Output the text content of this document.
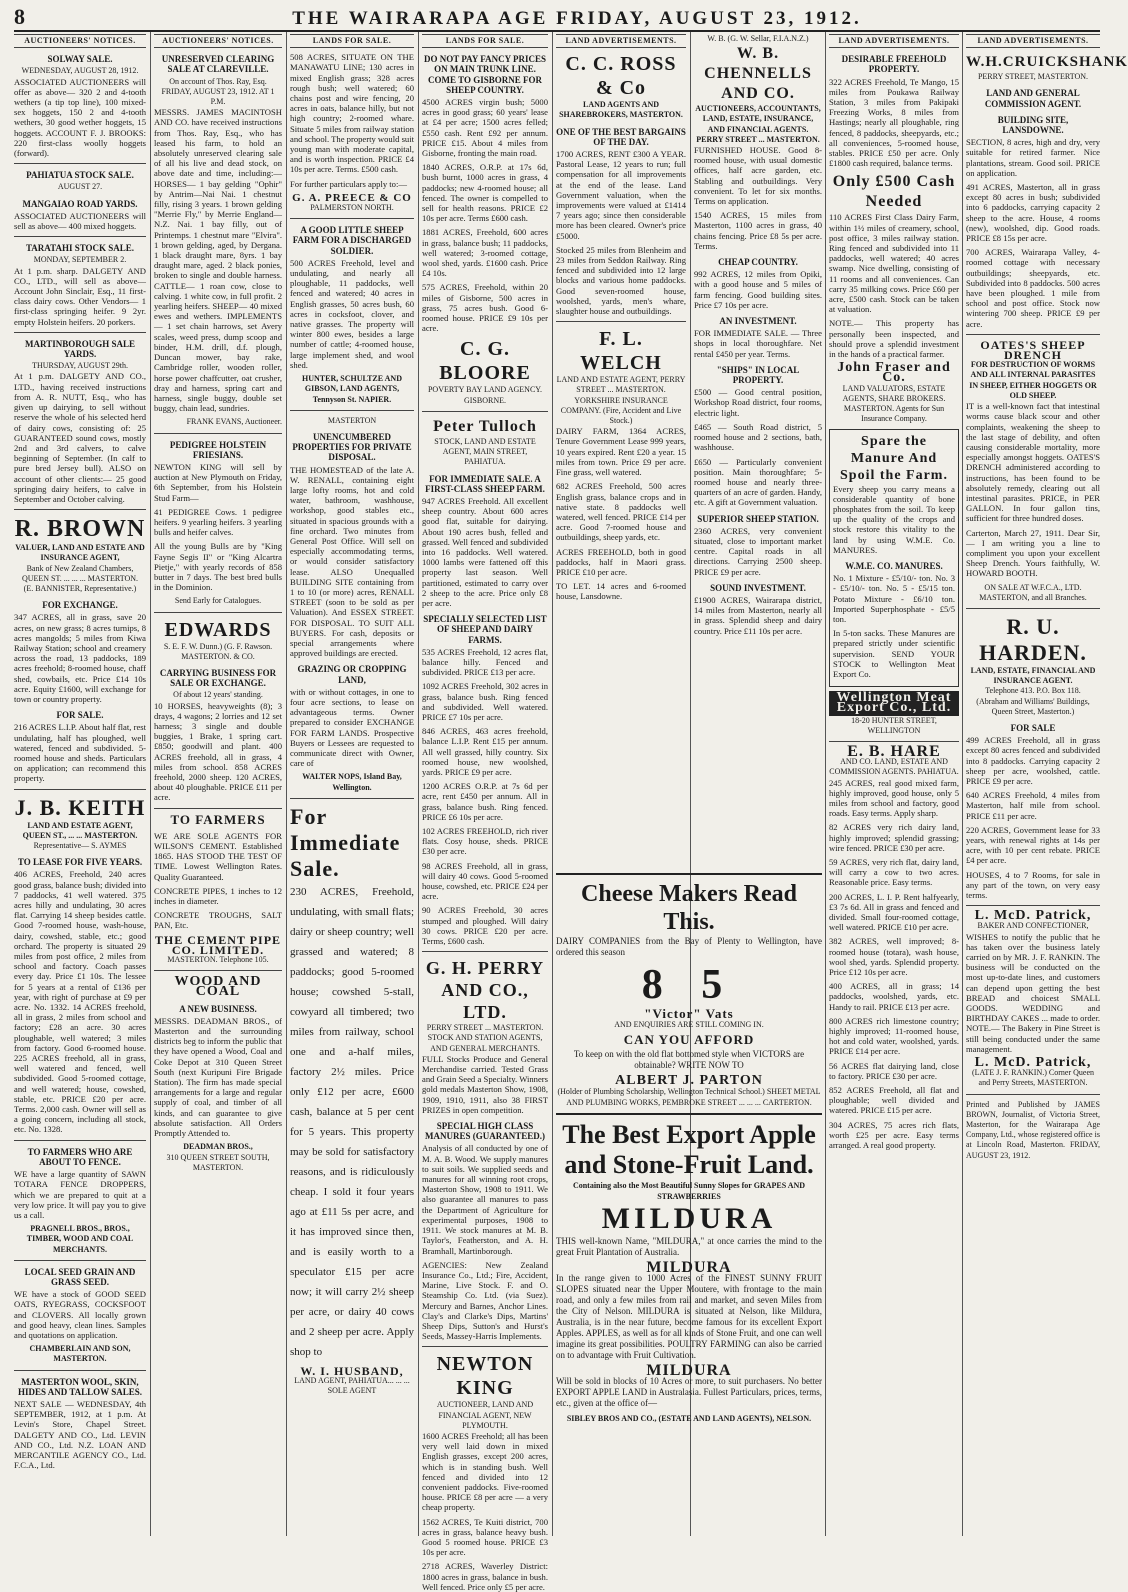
8	THE WAIRARAPA AGE FRIDAY, AUGUST 23, 1912.
AUCTIONEERS' NOTICES.
SOLWAY SALE.
WEDNESDAY, AUGUST 28, 1912.

ASSOCIATED AUCTIONEERS will offer as above— 320 2 and 4-tooth wethers (a tip top line), 100 mixed-sex hoggets, 150 2 and 4-tooth wethers, 30 good wether hoggets, 15 hoggets. ACCOUNT F. J. BROOKS: 220 first-class woolly hoggets (forward).

PAHIATUA STOCK SALE.
AUGUST 27.
MANGAIAO ROAD YARDS.

ASSOCIATED AUCTIONEERS will sell as above— 400 mixed hoggets.

TARATAHI STOCK SALE.
MONDAY, SEPTEMBER 2.

At 1 p.m. sharp. DALGETY AND CO., LTD., will sell as above— Account John Sinclair, Esq., 11 first-class dairy cows. Other Vendors— 1 first-class springing heifer. 9 2yr. empty Holstein heifers. 20 porkers.

MARTINBOROUGH SALE YARDS.
THURSDAY, AUGUST 29th.

At 1 p.m. DALGETY AND CO., LTD., having received instructions from A. R. NUTT, Esq., who has given up dairying, to sell without reserve the whole of his selected herd of dairy cows, consisting of: 25 GUARANTEED sound cows, mostly 2nd and 3rd calvers, to calve beginning of September. (In calf to pure bred Jersey bull). ALSO on account of other clients:— 25 good springing dairy heifers, to calve in September and October calving.

R. BROWN
VALUER, LAND AND ESTATE AND INSURANCE AGENT,
Bank of New Zealand Chambers, QUEEN ST. ... ... ... MASTERTON.
(E. BANNISTER, Representative.)
FOR EXCHANGE.

347 ACRES, all in grass, save 20 acres, on new grass; 8 acres turnips, 8 acres mangolds; 5 miles from Kiwa Railway Station; school and creamery across the road, 13 paddocks, 189 acres freehold; 8-roomed house, chaff shed, cowbails, etc. Price £14 10s acre. Equity £1600, will exchange for town or country property.

FOR SALE.

216 ACRES L.I.P. About half flat, rest undulating, half has ploughed, well watered, fenced and subdivided. 5-roomed house and sheds. Particulars on application; can recommend this property.

J. B. KEITH
LAND AND ESTATE AGENT, QUEEN ST., ... ... MASTERTON.
Representative— S. AYMES
TO LEASE FOR FIVE YEARS.

406 ACRES, Freehold, 240 acres good grass, balance bush; divided into 7 paddocks, 41 well watered. 375 acres hilly and undulating, 30 acres flat. Carrying 14 sheep besides cattle. Good 7-roomed house, wash-house, dairy, cowshed, stable, etc.; good orchard. The property is situated 29 miles from post office, 2 miles from school and factory. Coach passes every day. Price £1 10s. The lessee for 5 years at a rental of £136 per year, with right of purchase at £9 per acre. No. 1332. 14 ACRES freehold, all in grass, 2 miles from school and factory; £28 an acre. 30 acres ploughable, well watered; 3 miles from factory. Good 6-roomed house. 225 ACRES freehold, all in grass, well watered and fenced, well subdivided. Good 5-roomed cottage, and well watered; house, cowshed, stable, etc. PRICE £20 per acre. Terms. 2,000 cash. Owner will sell as a going concern, including all stock, etc. No. 1328.

TO FARMERS WHO ARE ABOUT TO FENCE.

WE have a large quantity of SAWN TOTARA FENCE DROPPERS, which we are prepared to quit at a very low price. It will pay you to give us a call.

PRAGNELL BROS., BROS., TIMBER, WOOD AND COAL MERCHANTS.
LOCAL SEED GRAIN AND GRASS SEED.

WE have a stock of GOOD SEED OATS, RYEGRASS, COCKSFOOT and CLOVERS. All locally grown and good heavy, clean lines. Samples and quotations on application.

CHAMBERLAIN AND SON, MASTERTON.
MASTERTON WOOL, SKIN, HIDES AND TALLOW SALES.

NEXT SALE — WEDNESDAY, 4th SEPTEMBER, 1912, at 1 p.m. At Levin's Store, Chapel Street. DALGETY AND CO., Ltd. LEVIN AND CO., Ltd. N.Z. LOAN AND MERCANTILE AGENCY CO., Ltd. F.C.A., Ltd.

AUCTIONEERS' NOTICES.
UNRESERVED CLEARING SALE AT CLAREVILLE.
On account of Thos. Ray, Esq. FRIDAY, AUGUST 23, 1912. AT 1 P.M.

MESSRS. JAMES MACINTOSH AND CO. have received instructions from Thos. Ray, Esq., who has leased his farm, to hold an absolutely unreserved clearing sale of all his live and dead stock, on above date and time, including:— HORSES— 1 bay gelding "Ophir" by Antrim—Nai Nai. 1 chestnut filly, rising 3 years. 1 brown gelding "Merrie Fly," by Merrie England—N.Z. Nai. 1 bay filly, out of Printemps. 1 chestnut mare "Elvira". 1 brown gelding, aged, by Dergana. 1 black draught mare, 8yrs. 1 bay draught mare, aged. 2 black ponies, broken to single and double harness. CATTLE— 1 roan cow, close to calving. 1 white cow, in full profit. 2 yearling heifers. SHEEP— 40 mixed ewes and wethers. IMPLEMENTS— 1 set chain harrows, set Avery scales, weed press, dump scoop and binder, H.M. drill, d.f. plough, Duncan mower, bay rake, Cambridge roller, wooden roller, horse power chaffcutter, oat crusher, dray and harness, spring cart and harness, single buggy, double set buggy, chain lead, sundries.

FRANK EVANS, Auctioneer.
PEDIGREE HOLSTEIN FRIESIANS.

NEWTON KING will sell by auction at New Plymouth on Friday, 6th September, from his Holstein Stud Farm—

41 PEDIGREE Cows. 1 pedigree heifers. 9 yearling heifers. 3 yearling bulls and heifer calves.

All the young Bulls are by "King Fayne Segis II" or "King Alcartra Pietje," with yearly records of 858 butter in 7 days. The best bred bulls in the Dominion.

Send Early for Catalogues.
EDWARDS
S. E. F. W. Dunn.) (G. F. Rawson. MASTERTON. & CO.
CARRYING BUSINESS FOR SALE OR EXCHANGE.
Of about 12 years' standing.

10 HORSES, heavyweights (8); 3 drays, 4 wagons; 2 lorries and 12 set harness; 3 single and double buggies, 1 Brake, 1 spring cart. £850; goodwill and plant. 400 ACRES freehold, all in grass, 4 miles from school. 858 ACRES freehold, 2000 sheep. 120 ACRES, about 40 ploughable. PRICE £11 per acre.

TO FARMERS

WE ARE SOLE AGENTS FOR WILSON'S CEMENT. Established 1865. HAS STOOD THE TEST OF TIME. Lowest Wellington Rates. Quality Guaranteed.

CONCRETE PIPES, 1 inches to 12 inches in diameter.

CONCRETE TROUGHS, SALT PAN, Etc.

THE CEMENT PIPE CO. LIMITED.
MASTERTON. Telephone 105.
WOOD AND COAL
A NEW BUSINESS.

MESSRS. DEADMAN BROS., of Masterton and the surrounding districts beg to inform the public that they have opened a Wood, Coal and Coke Depot at 310 Queen Street South (next Kuripuni Fire Brigade Station). The firm has made special arrangements for a large and regular supply of coal, and timber of all kinds, and can guarantee to give absolute satisfaction. All Orders Promptly Attended to.

DEADMAN BROS.,
310 QUEEN STREET SOUTH, MASTERTON.
LANDS FOR SALE.

508 ACRES, SITUATE ON THE MANAWATU LINE; 130 acres in mixed English grass; 328 acres rough bush; well watered; 60 chains post and wire fencing, 20 acres in oats, balance hilly, but not high country; 2-roomed whare. Situate 5 miles from railway station and school. The property would suit young man with moderate capital, and is worth inspection. PRICE £4 10s per acre. Terms. £500 cash.

For further particulars apply to:—

G. A. PREECE & CO
PALMERSTON NORTH.
A GOOD LITTLE SHEEP FARM FOR A DISCHARGED SOLDIER.

500 ACRES Freehold, level and undulating, and nearly all ploughable, 11 paddocks, well fenced and watered; 40 acres in English grasses, 50 acres bush, 60 acres in cocksfoot, clover, and native grasses. The property will winter 800 ewes, besides a large number of cattle; 4-roomed house, large implement shed, and wool shed.

HUNTER, SCHULTZE AND GIBSON, LAND AGENTS, Tennyson St. NAPIER.
MASTERTON
UNENCUMBERED PROPERTIES FOR PRIVATE DISPOSAL.

THE HOMESTEAD of the late A. W. RENALL, containing eight large lofty rooms, hot and cold water, bathroom, washhouse, workshop, good stables etc., situated in spacious grounds with a fine orchard. Two minutes from General Post Office. Will sell on especially accommodating terms, or would consider satisfactory lease. ALSO Unequalled BUILDING SITE containing from 1 to 10 (or more) acres, RENALL STREET (soon to be sold as per Valuation). And ESSEX STREET. FOR DISPOSAL. TO SUIT ALL BUYERS. For cash, deposits or special arrangements where approved buildings are erected.

GRAZING OR CROPPING LAND,

with or without cottages, in one to four acre sections, to lease on advantageous terms. Owner prepared to consider EXCHANGE FOR FARM LANDS. Prospective Buyers or Lessees are requested to communicate direct with Owner, care of

WALTER NOPS, Island Bay, Wellington.
For Immediate Sale.

230 ACRES, Freehold, undulating, with small flats; dairy or sheep country; well grassed and watered; 8 paddocks; good 5-roomed house; cowshed 5-stall, cowyard all timbered; two miles from railway, school one and a-half miles, factory 2½ miles. Price only £12 per acre, £600 cash, balance at 5 per cent for 5 years. This property may be sold for satisfactory reasons, and is ridiculously cheap. I sold it four years ago at £11 5s per acre, and it has improved since then, and is easily worth to a speculator £15 per acre now; it will carry 2½ sheep per acre, or dairy 40 cows and 2 sheep per acre. Apply shop to

W. I. HUSBAND,
LAND AGENT, PAHIATUA... ... ... SOLE AGENT
LANDS FOR SALE.
DO NOT PAY FANCY PRICES ON MAIN TRUNK LINE. COME TO GISBORNE FOR SHEEP COUNTRY.

4500 ACRES virgin bush; 5000 acres in good grass; 60 years' lease at £4 per acre; 1500 acres felled; £550 cash. Rent £92 per annum. PRICE £15. About 4 miles from Gisborne, fronting the main road.

1840 ACRES, O.R.P. at 17s 6d, bush burnt, 1000 acres in grass, 4 paddocks; new 4-roomed house; all fenced. The owner is compelled to sell for health reasons. PRICE £2 10s per acre. Terms £600 cash.

1881 ACRES, Freehold, 600 acres in grass, balance bush; 11 paddocks, well watered; 3-roomed cottage, wool shed, yards. £1600 cash. Price £4 10s.

575 ACRES, Freehold, within 20 miles of Gisborne, 500 acres in grass, 75 acres bush. Good 6-roomed house. PRICE £9 10s per acre.

C. G. BLOORE
POVERTY BAY LAND AGENCY. GISBORNE.
Peter Tulloch
STOCK, LAND AND ESTATE AGENT, MAIN STREET, PAHIATUA.
FOR IMMEDIATE SALE. A FIRST-CLASS SHEEP FARM.

947 ACRES Freehold. All excellent sheep country. About 600 acres good flat, suitable for dairying. About 190 acres bush, felled and grassed. Well fenced and subdivided into 16 paddocks. Well watered. 1000 lambs were fattened off this property last season. Well partitioned, estimated to carry over 2 sheep to the acre. Price only £8 per acre.

SPECIALLY SELECTED LIST OF SHEEP AND DAIRY FARMS.

535 ACRES Freehold, 12 acres flat, balance hilly. Fenced and subdivided. PRICE £13 per acre.

1092 ACRES Freehold, 302 acres in grass, balance bush. Ring fenced and subdivided. Well watered. PRICE £7 10s per acre.

846 ACRES, 463 acres freehold, balance L.I.P. Rent £15 per annum. All well grassed, hilly country. Six roomed house, new woolshed, yards. PRICE £9 per acre.

1200 ACRES O.R.P. at 7s 6d per acre, rent £450 per annum. All in grass, balance bush. Ring fenced. PRICE £6 10s per acre.

102 ACRES FREEHOLD, rich river flats. Cosy house, sheds. PRICE £30 per acre.

98 ACRES Freehold, all in grass, will dairy 40 cows. Good 5-roomed house, cowshed, etc. PRICE £24 per acre.

90 ACRES Freehold, 30 acres stumped and ploughed. Will dairy 30 cows. PRICE £20 per acre. Terms, £600 cash.

G. H. PERRY AND CO., LTD.
PERRY STREET ... MASTERTON. STOCK AND STATION AGENTS, AND GENERAL MERCHANTS.

FULL Stocks Produce and General Merchandise carried. Tested Grass and Grain Seed a Specialty. Winners gold medals Masterton Show, 1908, 1909, 1910, 1911, also 38 FIRST PRIZES in open competition.

SPECIAL HIGH CLASS MANURES (GUARANTEED.)

Analysis of all conducted by one of M. A. B. Wood. We supply manures to suit soils. We supplied seeds and manures for all winning root crops, Masterton Show, 1908 to 1911. We also guarantee all manures to pass the Department of Agriculture for experimental purposes, 1908 to 1911. We stock manures at M. B. Taylor's, Featherston, and A. H. Bramhall, Martinborough.

AGENCIES: New Zealand Insurance Co., Ltd.; Fire, Accident, Marine, Live Stock. F. and O. Steamship Co. Ltd. (via Suez). Mercury and Barnes, Anchor Lines. Clay's and Clarke's Dips, Martins' Sheep Dips, Sutton's and Hurst's Seeds, Massey-Harris Implements.

NEWTON KING
AUCTIONEER, LAND AND FINANCIAL AGENT, NEW PLYMOUTH.

1600 ACRES Freehold; all has been very well laid down in mixed English grasses, except 200 acres, which is in standing bush. Well fenced and divided into 12 convenient paddocks. Five-roomed house. PRICE £8 per acre — a very cheap property.

1562 ACRES, Te Kuiti district, 700 acres in grass, balance heavy bush. Good 5 roomed house. PRICE £3 10s per acre.

2718 ACRES, Waverley District: 1800 acres in grass, balance in bush. Well fenced. Price only £5 per acre.

LAND ADVERTISEMENTS.
C. C. ROSS & Co
LAND AGENTS AND SHAREBROKERS, MASTERTON.
ONE OF THE BEST BARGAINS OF THE DAY.

1700 ACRES, RENT £300 A YEAR. Pastoral Lease, 12 years to run; full compensation for all improvements at the end of the lease. Land Government valuation, when the improvements were valued at £1414 7 years ago; since then considerable more has been cleared. Owner's price £5000.

Stocked 25 miles from Blenheim and 23 miles from Seddon Railway. Ring fenced and subdivided into 12 large blocks and various home paddocks. Good seven-roomed house, woolshed, yards, men's whare, slaughter house and outbuildings.

F. L. WELCH
LAND AND ESTATE AGENT, PERRY STREET ... MASTERTON. YORKSHIRE INSURANCE COMPANY. (Fire, Accident and Live Stock.)

DAIRY FARM, 1364 ACRES, Tenure Government Lease 999 years, 10 years expired. Rent £20 a year. 15 miles from town. Price £9 per acre. Fine grass, well watered.

682 ACRES Freehold, 500 acres English grass, balance crops and in native state. 8 paddocks well watered, well fenced. PRICE £14 per acre. Good 7-roomed house and outbuildings, sheep yards, etc.

ACRES FREEHOLD, both in good paddocks, half in Maori grass. PRICE £10 per acre.

TO LET. 14 acres and 6-roomed house, Lansdowne.

W. B. (G. W. Sellar, F.I.A.N.Z.)
W. B. CHENNELLS AND CO.
AUCTIONEERS, ACCOUNTANTS, LAND, ESTATE, INSURANCE, AND FINANCIAL AGENTS. PERRY STREET ... MASTERTON.

FURNISHED HOUSE. Good 8-roomed house, with usual domestic offices, half acre garden, etc. Stabling and outbuildings. Very convenient. To let for six months. Terms on application.

1540 ACRES, 15 miles from Masterton, 1100 acres in grass, 40 chains fencing. Price £8 5s per acre. Terms.

CHEAP COUNTRY.

992 ACRES, 12 miles from Opiki, with a good house and 5 miles of farm fencing. Good building sites. Price £7 10s per acre.

AN INVESTMENT.

FOR IMMEDIATE SALE. — Three shops in local thoroughfare. Net rental £450 per year. Terms.

"SHIPS" IN LOCAL PROPERTY.

£500 — Good central position, Workshop Road district, four rooms, electric light.

£465 — South Road district, 5 roomed house and 2 sections, bath, washhouse.

£650 — Particularly convenient position. Main thoroughfare; 5-roomed house and nearly three-quarters of an acre of garden. Handy, etc. A gift at Government valuation.

SUPERIOR SHEEP STATION.

2360 ACRES, very convenient situated, close to important market centre. Capital roads in all directions. Carrying 2500 sheep. PRICE £9 per acre.

SOUND INVESTMENT.

£1900 ACRES, Wairarapa district, 14 miles from Masterton, nearly all in grass. Splendid sheep and dairy country. Price £11 10s per acre.

Cheese Makers Read This.

DAIRY COMPANIES from the Bay of Plenty to Wellington, have ordered this season

8 5
"Victor" Vats
AND ENQUIRIES ARE STILL COMING IN.
CAN YOU AFFORD

To keep on with the old flat bottomed style when VICTORS are obtainable? WRITE NOW TO

ALBERT J. PARTON
(Holder of Plumbing Scholarship, Wellington Technical School.) SHEET METAL AND PLUMBING WORKS, PEMBROKE STREET ... ... ... CARTERTON.
The Best Export Apple and Stone-Fruit Land.
Containing also the Most Beautiful Sunny Slopes for GRAPES AND STRAWBERRIES
MILDURA

THIS well-known Name, "MILDURA," at once carries the mind to the great Fruit Plantation of Australia.

MILDURA

In the range given to 1000 Acres of the FINEST SUNNY FRUIT SLOPES situated near the Upper Moutere, with frontage to the main road, and only a few miles from rail and market, and seven Miles from the City of Nelson. MILDURA is situated at Nelson, like Mildura, Australia, is in the near future, become famous for its excellent Export Apples. APPLES, as well as for all kinds of Stone Fruit, and one can well imagine its great possibilities. POULTRY FARMING can also be carried on to advantage with Fruit Cultivation.

MILDURA

Will be sold in blocks of 10 Acres or more, to suit purchasers. No better EXPORT APPLE LAND in Australasia. Fullest Particulars, prices, terms, etc., given at the office of—

SIBLEY BROS AND CO., (ESTATE AND LAND AGENTS), NELSON.
LAND ADVERTISEMENTS.
DESIRABLE FREEHOLD PROPERTY.

322 ACRES Freehold, Te Mango, 15 miles from Poukawa Railway Station, 3 miles from Pakipaki Freezing Works, 8 miles from Hastings; nearly all ploughable, ring fenced, 8 paddocks, sheepyards, etc.; all conveniences, 5-roomed house, stables. PRICE £50 per acre. Only £1800 cash required, balance terms.

Only £500 Cash Needed

110 ACRES First Class Dairy Farm, within 1½ miles of creamery, school, post office, 3 miles railway station. Ring fenced and subdivided into 11 paddocks, well watered; 40 acres swamp. Nice dwelling, consisting of 11 rooms and all conveniences. Can carry 35 milking cows. Price £60 per acre, £500 cash. Stock can be taken at valuation.

NOTE.— This property has personally been inspected, and should prove a splendid investment in the hands of a practical farmer.

John Fraser and Co.
LAND VALUATORS, ESTATE AGENTS, SHARE BROKERS. MASTERTON. Agents for Sun Insurance Company.
Spare the Manure And Spoil the Farm.

Every sheep you carry means a considerable quantity of bone phosphates from the soil. To keep up the quality of the crops and stock restore this vitality to the land by using W.M.E. Co. MANURES.

W.M.E. CO. MANURES.

No. 1 Mixture - £5/10/- ton. No. 3 - £5/10/- ton. No. 5 - £5/15 ton. Potato Mixture - £6/10 ton. Imported Superphosphate - £5/5 ton.

In 5-ton sacks. These Manures are prepared strictly under scientific supervision. SEND YOUR STOCK to Wellington Meat Export Co.

Wellington Meat Export Co., Ltd.
18-20 HUNTER STREET, WELLINGTON
E. B. HARE
AND CO. LAND, ESTATE AND COMMISSION AGENTS. PAHIATUA.

245 ACRES, real good mixed farm, highly improved, good house, only 5 miles from school and factory, good roads. Easy terms. Apply sharp.

82 ACRES very rich dairy land, highly improved; splendid grassing; wire fenced. PRICE £30 per acre.

59 ACRES, very rich flat, dairy land, will carry a cow to two acres. Reasonable price. Easy terms.

200 ACRES, L. I. P. Rent halfyearly, £3 7s 6d. All in grass and fenced and divided. Small four-roomed cottage, well watered. PRICE £10 per acre.

382 ACRES, well improved; 8-roomed house (totara), wash house, wool shed, yards. Splendid property. Price £12 10s per acre.

400 ACRES, all in grass; 14 paddocks, woolshed, yards, etc. Handy to rail. PRICE £13 per acre.

800 ACRES rich limestone country; highly improved; 11-roomed house, hot and cold water, woolshed, yards. PRICE £14 per acre.

56 ACRES flat dairying land, close to factory. PRICE £30 per acre.

852 ACRES Freehold, all flat and ploughable; well divided and watered. PRICE £15 per acre.

304 ACRES, 75 acres rich flats, worth £25 per acre. Easy terms arranged. A real good property.

LAND ADVERTISEMENTS.
W.H.CRUICKSHANK
PERRY STREET, MASTERTON.
LAND AND GENERAL COMMISSION AGENT.
BUILDING SITE, LANSDOWNE.

SECTION, 8 acres, high and dry, very suitable for retired farmer. Nice plantations, stream. Good soil. PRICE on application.

491 ACRES, Masterton, all in grass except 80 acres in bush; subdivided into 6 paddocks, carrying capacity 2 sheep to the acre. House, 4 rooms (new), woolshed, dip. Good roads. PRICE £8 15s per acre.

700 ACRES, Wairarapa Valley, 4-roomed cottage with necessary outbuildings; sheepyards, etc. Subdivided into 8 paddocks. 500 acres have been ploughed. 1 mile from school and post office. Stock now wintering 700 sheep. PRICE £9 per acre.

OATES'S SHEEP DRENCH
FOR DESTRUCTION OF WORMS AND ALL INTERNAL PARASITES IN SHEEP, EITHER HOGGETS OR OLD SHEEP.

IT is a well-known fact that intestinal worms cause black scour and other complaints, weakening the sheep to the last stage of debility, and often causing considerable mortality, more especially amongst hoggets. OATES'S DRENCH administered according to instructions, has been found to be absolutely remedy, clearing out all intestinal parasites. PRICE, in PER GALLON. In four gallon tins, sufficient for three hundred doses.

Carterton, March 27, 1911. Dear Sir,— I am writing you a line to compliment you upon your excellent Sheep Drench. Yours faithfully, W. HOWARD BOOTH.

ON SALE AT W.F.C.A., LTD. MASTERTON, and all Branches.
R. U. HARDEN.
LAND, ESTATE, FINANCIAL AND INSURANCE AGENT.
Telephone 413. P.O. Box 118.
(Abraham and Williams' Buildings, Queen Street, Masterton.)
FOR SALE

499 ACRES Freehold, all in grass except 80 acres fenced and subdivided into 8 paddocks. Carrying capacity 2 sheep per acre, woolshed, cattle. PRICE £9 per acre.

640 ACRES Freehold, 4 miles from Masterton, half mile from school. PRICE £11 per acre.

220 ACRES, Government lease for 33 years, with renewal rights at 14s per acre, with 10 per cent rebate. PRICE £4 per acre.

HOUSES, 4 to 7 Rooms, for sale in any part of the town, on very easy terms.

L. McD. Patrick,
BAKER AND CONFECTIONER,

WISHES to notify the public that he has taken over the business lately carried on by MR. J. F. RANKIN. The business will be conducted on the most up-to-date lines, and customers can depend upon getting the best BREAD and choicest SMALL GOODS. WEDDING and BIRTHDAY CAKES ... made to order. NOTE.— The Bakery in Pine Street is still being conducted under the same management.

L. McD. Patrick,
(LATE J. F. RANKIN.) Corner Queen and Perry Streets, MASTERTON.

Printed and Published by JAMES BROWN, Journalist, of Victoria Street, Masterton, for the Wairarapa Age Company, Ltd., whose registered office is at Lincoln Road, Masterton. FRIDAY, AUGUST 23, 1912.
